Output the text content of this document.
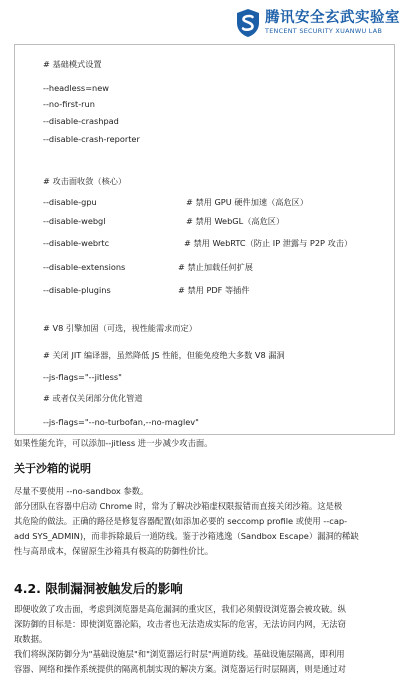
腾讯安全玄武实验室
TENCENT SECURITY XUANWU LAB
# 基础模式设置
--headless=new
--no-first-run
--disable-crashpad
--disable-crash-reporter
# 攻击面收敛（核心）
--disable-gpu	# 禁用 GPU 硬件加速（高危区）
--disable-webgl	# 禁用 WebGL（高危区）
--disable-webrtc	# 禁用 WebRTC（防止 IP 泄露与 P2P 攻击）
--disable-extensions	# 禁止加载任何扩展
--disable-plugins	# 禁用 PDF 等插件
# V8 引擎加固（可选，视性能需求而定）
# 关闭 JIT 编译器，虽然降低 JS 性能，但能免疫绝大多数 V8 漏洞
--js-flags="--jitless"
# 或者仅关闭部分优化管道
--js-flags="--no-turbofan,--no-maglev"
如果性能允许，可以添加--jitless 进一步减少攻击面。
关于沙箱的说明
尽量不要使用 --no-sandbox 参数。
部分团队在容器中启动 Chrome 时，常为了解决沙箱虚权限报错而直接关闭沙箱。这是极
其危险的做法。正确的路径是修复容器配置(如添加必要的 seccomp profile 或使用 --cap-
add SYS_ADMIN)，而非拆除最后一道防线。鉴于沙箱逃逸（Sandbox Escape）漏洞的稀缺
性与高昂成本，保留原生沙箱具有极高的防御性价比。
4.2. 限制漏洞被触发后的影响
即便收敛了攻击面，考虑到浏览器是高危漏洞的重灾区，我们必须假设浏览器会被攻破。纵
深防御的目标是：即使浏览器沦陷，攻击者也无法造成实际的危害，无法访问内网，无法窃
取数据。
我们将纵深防御分为"基础设施层"和"浏览器运行时层"两道防线。基础设施层隔离，即利用
容器、网络和操作系统提供的隔离机制实现的解决方案。浏览器运行时层隔离，则是通过对
